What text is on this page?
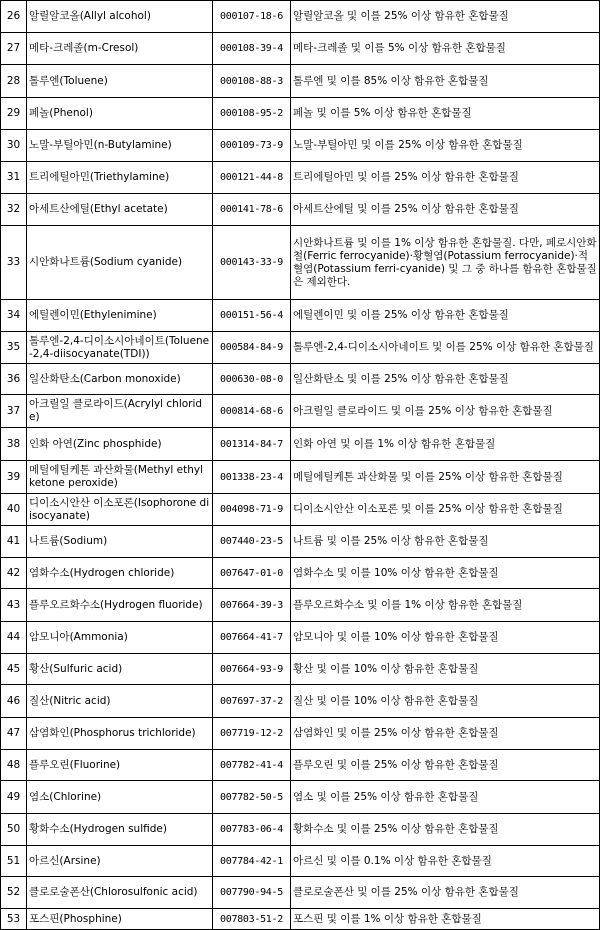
26	알릴알코올(Allyl alcohol)	000107-18-6	알릴알코올 및 이를 25% 이상 함유한 혼합물질
27	메타-크레졸(m-Cresol)	000108-39-4	메타-크레졸 및 이를 5% 이상 함유한 혼합물질
28	톨루엔(Toluene)	000108-88-3	톨루엔 및 이를 85% 이상 함유한 혼합물질
29	페놀(Phenol)	000108-95-2	페놀 및 이를 5% 이상 함유한 혼합물질
30	노말-부틸아민(n-Butylamine)	000109-73-9	노말-부틸아민 및 이를 25% 이상 함유한 혼합물질
31	트리에틸아민(Triethylamine)	000121-44-8	트리에틸아민 및 이를 25% 이상 함유한 혼합물질
32	아세트산에틸(Ethyl acetate)	000141-78-6	아세트산에틸 및 이를 25% 이상 함유한 혼합물질
33	시안화나트륨(Sodium cyanide)	000143-33-9	시안화나트륨 및 이를 1% 이상 함유한 혼합물질. 다만, 페로시안화철(Ferric ferrocyanide)·황혈염(Potassium ferrocyanide)·적혈염(Potassium ferri-cyanide) 및 그 중 하나를 함유한 혼합물질은 제외한다.
34	에틸렌이민(Ethylenimine)	000151-56-4	에틸렌이민 및 이를 25% 이상 함유한 혼합물질
35	톨루엔-2,4-디이소시아네이트(Toluene-2,4-diisocyanate(TDI))	000584-84-9	톨루엔-2,4-디이소시아네이트 및 이를 25% 이상 함유한 혼합물질
36	일산화탄소(Carbon monoxide)	000630-08-0	일산화탄소 및 이를 25% 이상 함유한 혼합물질
37	아크릴일 클로라이드(Acrylyl chloride)	000814-68-6	아크릴일 클로라이드 및 이를 25% 이상 함유한 혼합물질
38	인화 아연(Zinc phosphide)	001314-84-7	인화 아연 및 이를 1% 이상 함유한 혼합물질
39	메틸에틸케톤 과산화물(Methyl ethyl ketone peroxide)	001338-23-4	메틸에틸케톤 과산화물 및 이를 25% 이상 함유한 혼합물질
40	디이소시안산 이소포론(Isophorone diisocyanate)	004098-71-9	디이소시안산 이소포론 및 이를 25% 이상 함유한 혼합물질
41	나트륨(Sodium)	007440-23-5	나트륨 및 이를 25% 이상 함유한 혼합물질
42	염화수소(Hydrogen chloride)	007647-01-0	염화수소 및 이를 10% 이상 함유한 혼합물질
43	플루오르화수소(Hydrogen fluoride)	007664-39-3	플루오르화수소 및 이를 1% 이상 함유한 혼합물질
44	암모니아(Ammonia)	007664-41-7	암모니아 및 이를 10% 이상 함유한 혼합물질
45	황산(Sulfuric acid)	007664-93-9	황산 및 이를 10% 이상 함유한 혼합물질
46	질산(Nitric acid)	007697-37-2	질산 및 이를 10% 이상 함유한 혼합물질
47	삼염화인(Phosphorus trichloride)	007719-12-2	삼염화인 및 이를 25% 이상 함유한 혼합물질
48	플루오린(Fluorine)	007782-41-4	플루오린 및 이를 25% 이상 함유한 혼합물질
49	염소(Chlorine)	007782-50-5	염소 및 이를 25% 이상 함유한 혼합물질
50	황화수소(Hydrogen sulfide)	007783-06-4	황화수소 및 이를 25% 이상 함유한 혼합물질
51	아르신(Arsine)	007784-42-1	아르신 및 이를 0.1% 이상 함유한 혼합물질
52	클로로술폰산(Chlorosulfonic acid)	007790-94-5	클로로술폰산 및 이를 25% 이상 함유한 혼합물질
53	포스핀(Phosphine)	007803-51-2	포스핀 및 이를 1% 이상 함유한 혼합물질
